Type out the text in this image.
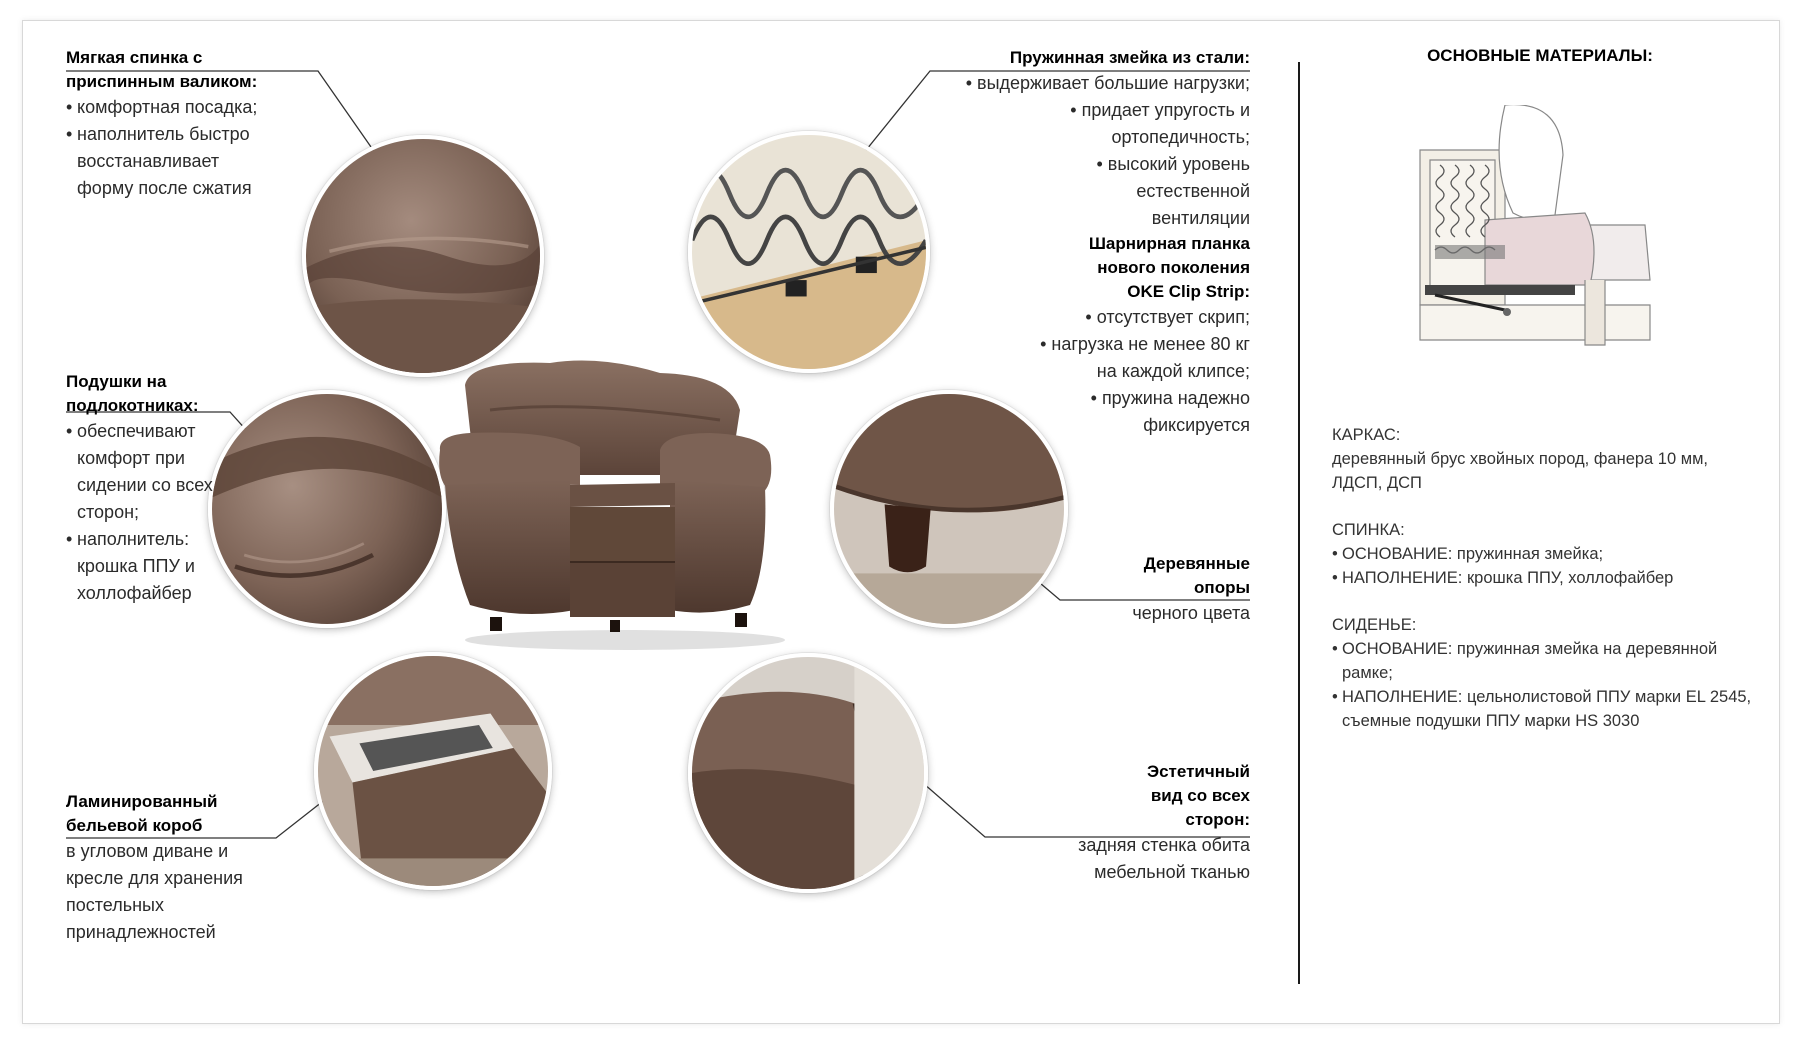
Мягкая спинка с
приспинным валиком:
• комфортная посадка;
• наполнитель быстро восстанавливает форму после сжатия
Подушки на
подлокотниках:
• обеспечивают комфорт при сидении со всех сторон;
• наполнитель: крошка ППУ и холлофайбер
Ламинированный
бельевой короб

в угловом диване и кресле для хранения постельных принадлежностей

Пружинная змейка из стали:
• выдерживает большие нагрузки;
• придает упругость и ортопедичность;
• высокий уровень естественной вентиляции
Шарнирная планка
нового поколения
OKE Clip Strip:
• отсутствует скрип;
• нагрузка не менее 80 кг на каждой клипсе;
• пружина надежно фиксируется
Деревянные
опоры

черного цвета

Эстетичный
вид со всех
сторон:

задняя стенка обита мебельной тканью

ОСНОВНЫЕ МАТЕРИАЛЫ:
КАРКАС:
деревянный брус хвойных пород, фанера 10 мм, ЛДСП, ДСП
СПИНКА:
• ОСНОВАНИЕ: пружинная змейка;
• НАПОЛНЕНИЕ: крошка ППУ, холлофайбер
СИДЕНЬЕ:
• ОСНОВАНИЕ: пружинная змейка на деревянной рамке;
• НАПОЛНЕНИЕ: цельнолистовой ППУ марки EL 2545, съемные подушки ППУ марки HS 3030
